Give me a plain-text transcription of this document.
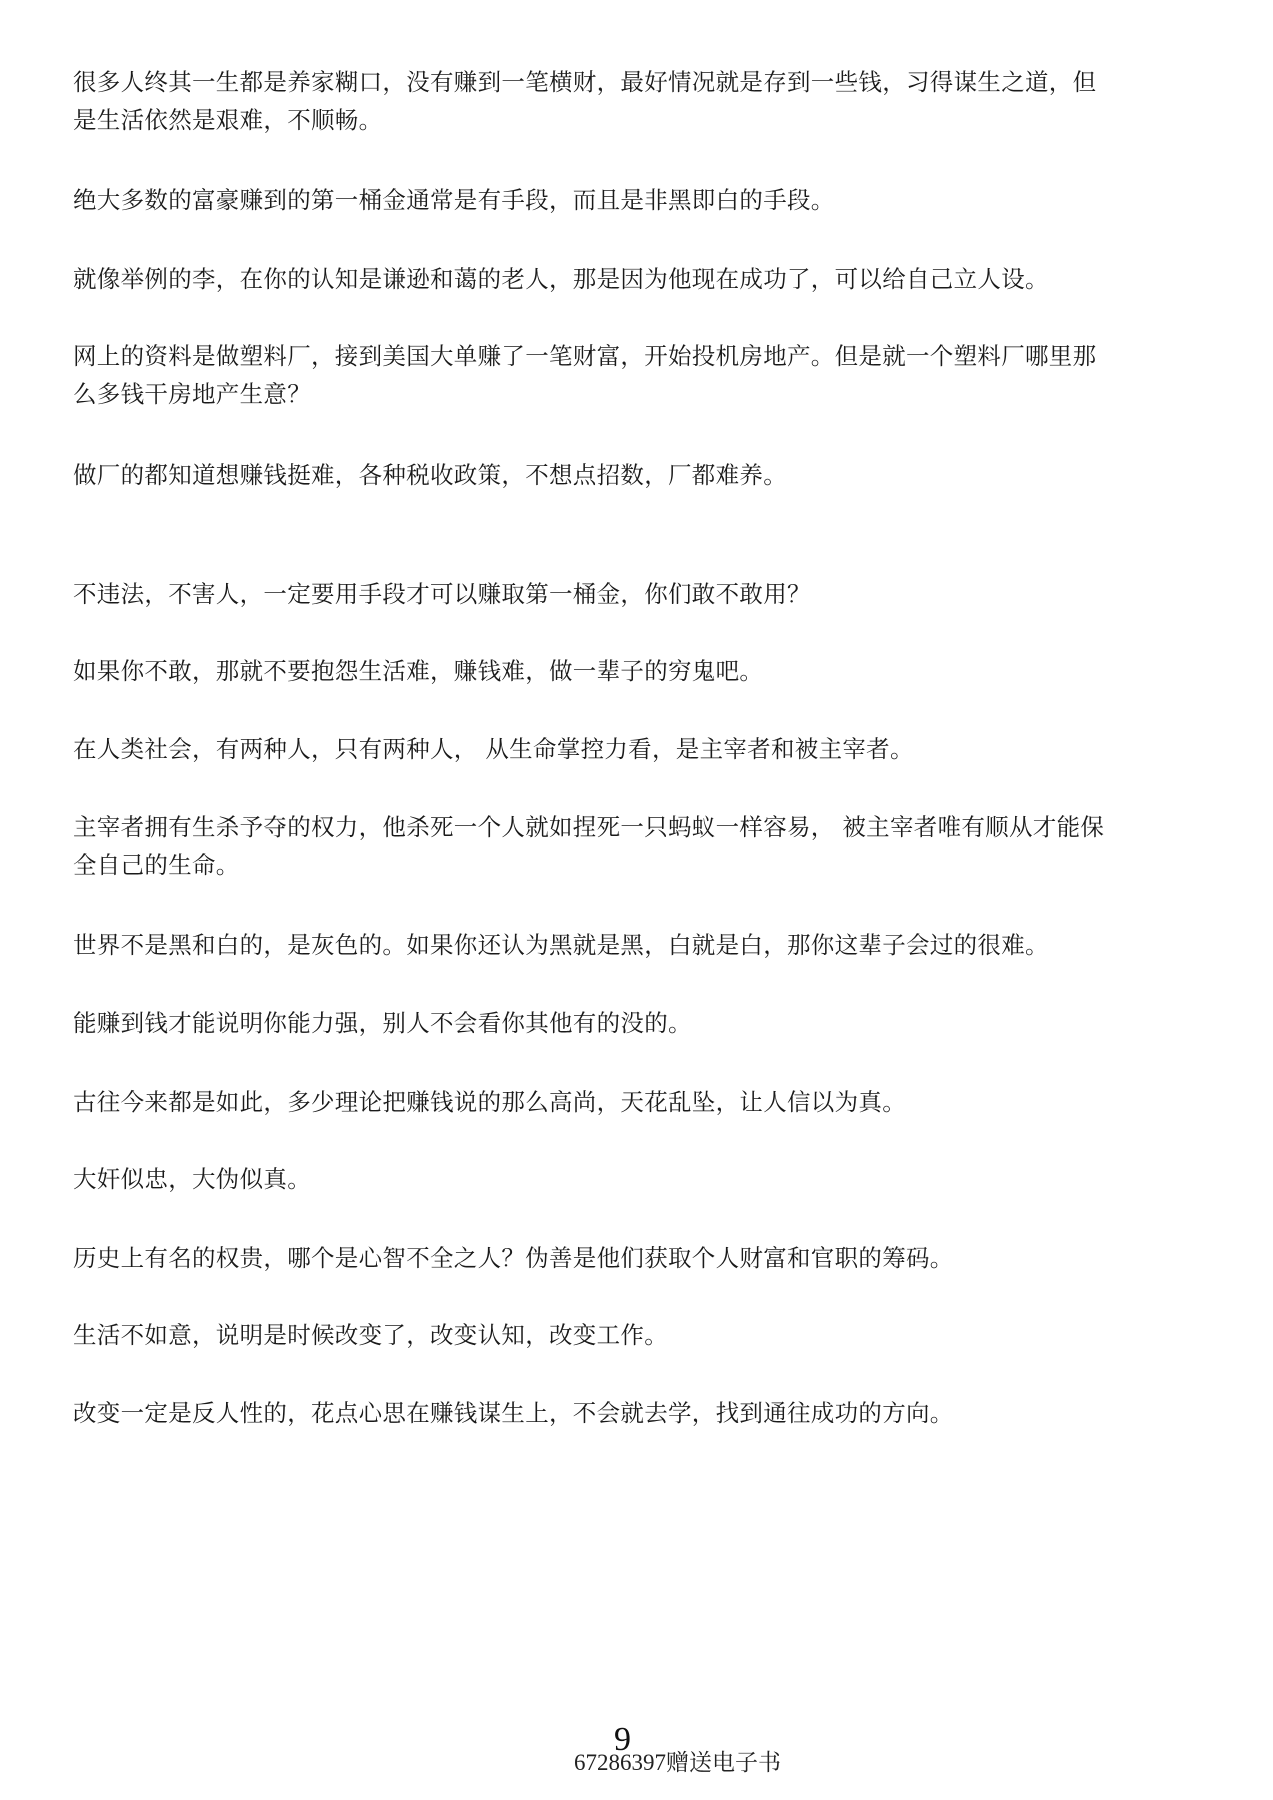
很多人终其一生都是养家糊口，没有赚到一笔横财，最好情况就是存到一些钱，习得谋生之道，但
是生活依然是艰难，不顺畅。
绝大多数的富豪赚到的第一桶金通常是有手段，而且是非黑即白的手段。
就像举例的李，在你的认知是谦逊和蔼的老人，那是因为他现在成功了，可以给自己立人设。
网上的资料是做塑料厂，接到美国大单赚了一笔财富，开始投机房地产。但是就一个塑料厂哪里那
么多钱干房地产生意？
做厂的都知道想赚钱挺难，各种税收政策，不想点招数，厂都难养。
不违法，不害人，一定要用手段才可以赚取第一桶金，你们敢不敢用？
如果你不敢，那就不要抱怨生活难，赚钱难，做一辈子的穷鬼吧。
在人类社会，有两种人，只有两种人， 从生命掌控力看，是主宰者和被主宰者。
主宰者拥有生杀予夺的权力，他杀死一个人就如捏死一只蚂蚁一样容易， 被主宰者唯有顺从才能保
全自己的生命。
世界不是黑和白的，是灰色的。如果你还认为黑就是黑，白就是白，那你这辈子会过的很难。
能赚到钱才能说明你能力强，别人不会看你其他有的没的。
古往今来都是如此，多少理论把赚钱说的那么高尚，天花乱坠，让人信以为真。
大奸似忠，大伪似真。
历史上有名的权贵，哪个是心智不全之人？伪善是他们获取个人财富和官职的筹码。
生活不如意，说明是时候改变了，改变认知，改变工作。
改变一定是反人性的，花点心思在赚钱谋生上，不会就去学，找到通往成功的方向。
9
67286397赠送电子书
